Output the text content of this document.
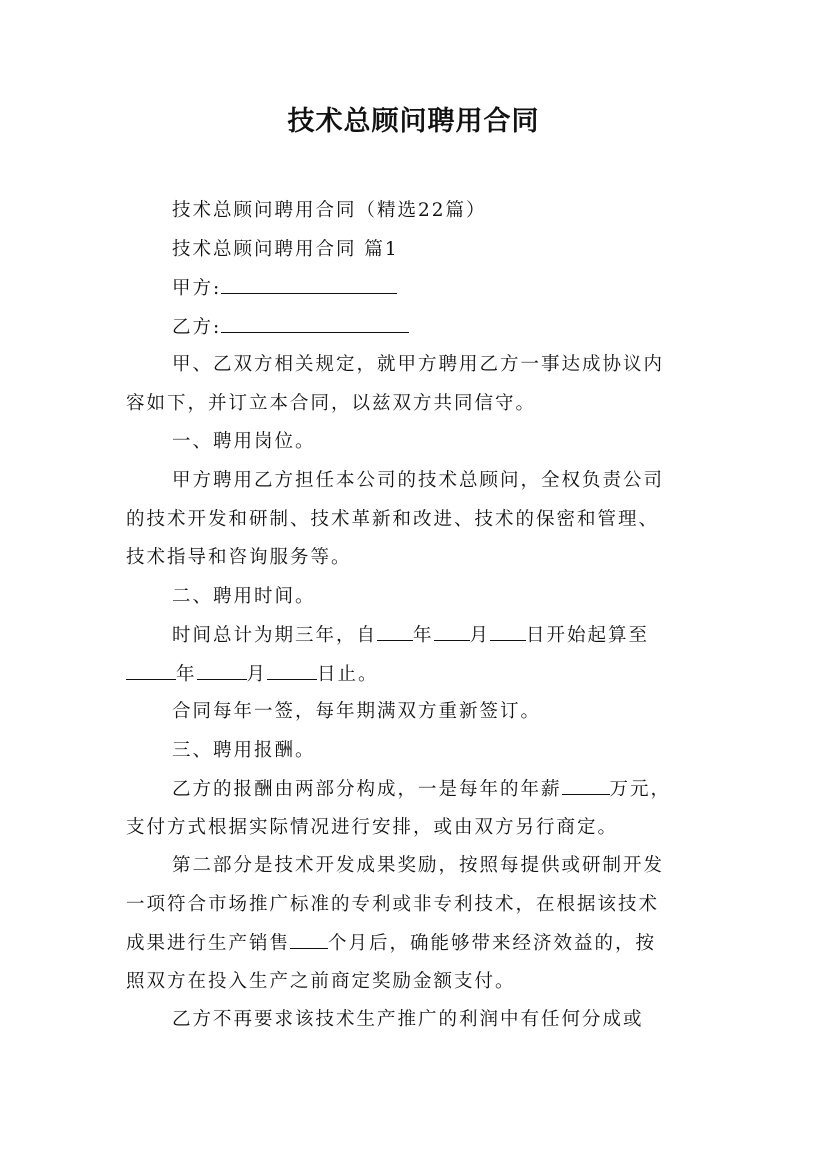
技术总顾问聘用合同
技术总顾问聘用合同（精选22篇）
技术总顾问聘用合同 篇1
甲方:
乙方:
甲、乙双方相关规定，就甲方聘用乙方一事达成协议内
容如下，并订立本合同，以兹双方共同信守。
一、聘用岗位。
甲方聘用乙方担任本公司的技术总顾问，全权负责公司
的技术开发和研制、技术革新和改进、技术的保密和管理、
技术指导和咨询服务等。
二、聘用时间。
时间总计为期三年，自 年 月 日开始起算至
年	月	日止。
合同每年一签，每年期满双方重新签订。
三、聘用报酬。
乙方的报酬由两部分构成，一是每年的年薪	万元，
支付方式根据实际情况进行安排，或由双方另行商定。
第二部分是技术开发成果奖励，按照每提供或研制开发
一项符合市场推广标准的专利或非专利技术，在根据该技术
成果进行生产销售 个月后，确能够带来经济效益的，按
照双方在投入生产之前商定奖励金额支付。
乙方不再要求该技术生产推广的利润中有任何分成或
